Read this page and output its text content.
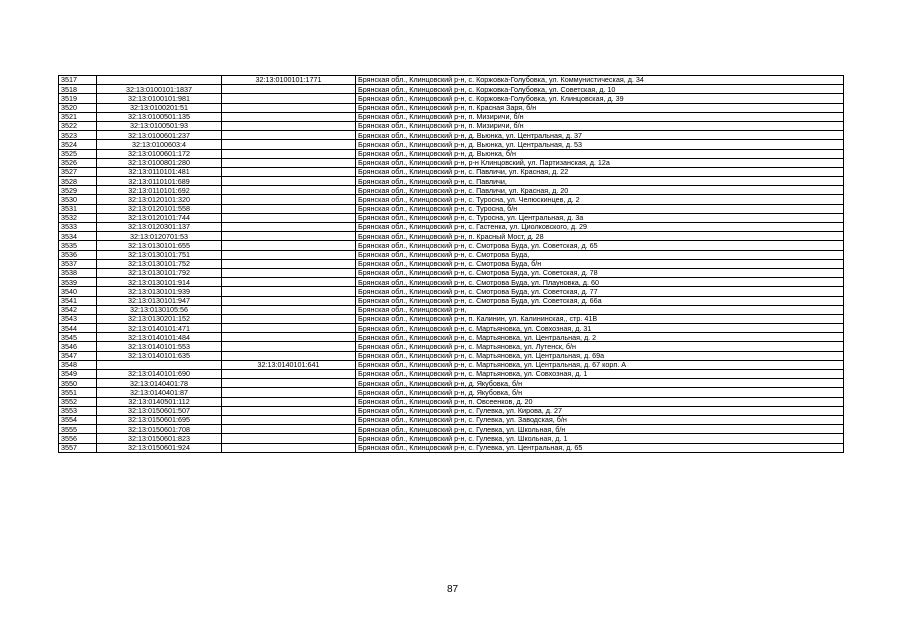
3517		32:13:0100101:1771	Брянская обл., Клинцовский р-н, с. Коржовка-Голубовка, ул. Коммунистическая, д. 34
3518	32:13:0100101:1837		Брянская обл., Клинцовский р-н, с. Коржовка-Голубовка, ул. Советская, д. 10
3519	32:13:0100101:981		Брянская обл., Клинцовский р-н, с. Коржовка-Голубовка, ул. Клинцовская, д. 39
3520	32:13:0100201:51		Брянская обл., Клинцовский р-н, п. Красная Заря, б/н
3521	32:13:0100501:135		Брянская обл., Клинцовский р-н, п. Мизиричи, б/н
3522	32:13:0100501:93		Брянская обл., Клинцовский р-н, п. Мизиричи, б/н
3523	32:13:0100601:237		Брянская обл., Клинцовский р-н, д. Вьюнка, ул. Центральная, д. 37
3524	32:13:0100603:4		Брянская обл., Клинцовский р-н, д. Вьюнка, ул. Центральная, д. 53
3525	32:13:0100601:172		Брянская обл., Клинцовский р-н, д. Вьюнка, б/н
3526	32:13:0100801:280		Брянская обл., Клинцовский р-н, р-н Клинцовский, ул. Партизанская, д. 12а
3527	32:13:0110101:481		Брянская обл., Клинцовский р-н, с. Павличи, ул. Красная, д. 22
3528	32:13:0110101:689		Брянская обл., Клинцовский р-н, с. Павличи,
3529	32:13:0110101:692		Брянская обл., Клинцовский р-н, с. Павличи, ул. Красная, д. 20
3530	32:13:0120101:320		Брянская обл., Клинцовский р-н, с. Туросна, ул. Челюскинцев, д. 2
3531	32:13:0120101:558		Брянская обл., Клинцовский р-н, с. Туросна, б/н
3532	32:13:0120101:744		Брянская обл., Клинцовский р-н, с. Туросна, ул. Центральная, д. 3а
3533	32:13:0120301:137		Брянская обл., Клинцовский р-н, с. Гастенка, ул. Циолковского, д. 29
3534	32:13:0120701:53		Брянская обл., Клинцовский р-н, п. Красный Мост, д. 28
3535	32:13:0130101:655		Брянская обл., Клинцовский р-н, с. Смотрова Буда, ул. Советская, д. 65
3536	32:13:0130101:751		Брянская обл., Клинцовский р-н, с. Смотрова Буда,
3537	32:13:0130101:752		Брянская обл., Клинцовский р-н, с. Смотрова Буда, б/н
3538	32:13:0130101:792		Брянская обл., Клинцовский р-н, с. Смотрова Буда, ул. Советская, д. 78
3539	32:13:0130101:914		Брянская обл., Клинцовский р-н, с. Смотрова Буда, ул. Плауновка, д. 60
3540	32:13:0130101:939		Брянская обл., Клинцовский р-н, с. Смотрова Буда, ул. Советская, д. 77
3541	32:13:0130101:947		Брянская обл., Клинцовский р-н, с. Смотрова Буда, ул. Советская, д. 66а
3542	32:13:0130105:56		Брянская обл., Клинцовский р-н,
3543	32:13:0130201:152		Брянская обл., Клинцовский р-н, п. Калинин, ул. Калининская,, стр. 41В
3544	32:13:0140101:471		Брянская обл., Клинцовский р-н, с. Мартьяновка, ул. Совхозная, д. 31
3545	32:13:0140101:484		Брянская обл., Клинцовский р-н, с. Мартьяновка, ул. Центральная, д. 2
3546	32:13:0140101:553		Брянская обл., Клинцовский р-н, с. Мартьяновка, ул. Лутенск, б/н
3547	32:13:0140101:635		Брянская обл., Клинцовский р-н, с. Мартьяновка, ул. Центральная, д. 69а
3548		32:13:0140101:641	Брянская обл., Клинцовский р-н, с. Мартьяновка, ул. Центральная, д. 67 корп. А
3549	32:13:0140101:690		Брянская обл., Клинцовский р-н, с. Мартьяновка, ул. Совхозная, д. 1
3550	32:13:0140401:78		Брянская обл., Клинцовский р-н, д. Якубовка, б/н
3551	32:13:0140401:87		Брянская обл., Клинцовский р-н, д. Якубовка, б/н
3552	32:13:0140501:112		Брянская обл., Клинцовский р-н, п. Овсеенков, д. 20
3553	32:13:0150601:507		Брянская обл., Клинцовский р-н, с. Гулевка, ул. Кирова, д. 27
3554	32:13:0150601:695		Брянская обл., Клинцовский р-н, с. Гулевка, ул. Заводская, б/н
3555	32:13:0150601:708		Брянская обл., Клинцовский р-н, с. Гулевка, ул. Школьная, б/н
3556	32:13:0150601:823		Брянская обл., Клинцовский р-н, с. Гулевка, ул. Школьная, д. 1
3557	32:13:0150601:924		Брянская обл., Клинцовский р-н, с. Гулевка, ул. Центральная, д. 65
87
